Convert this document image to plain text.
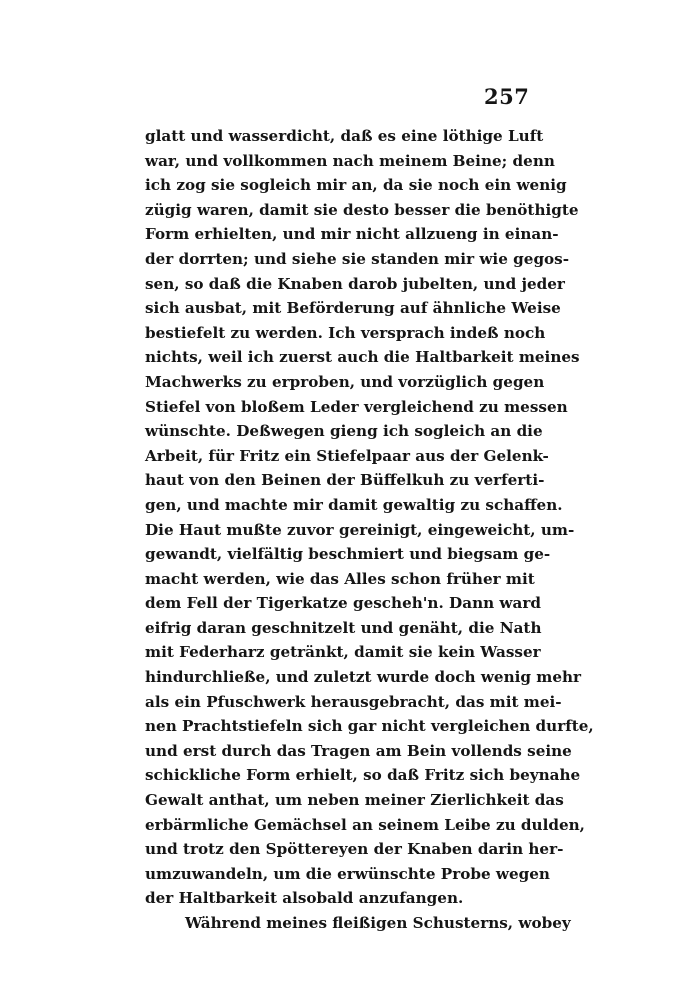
257
glatt und wasserdicht, daß es eine löthige Luft
war, und vollkommen nach meinem Beine; denn
ich zog sie sogleich mir an, da sie noch ein wenig
zügig waren, damit sie desto besser die benöthigte
Form erhielten, und mir nicht allzueng in einan-
der dorrten; und siehe sie standen mir wie gegos-
sen, so daß die Knaben darob jubelten, und jeder
sich ausbat, mit Beförderung auf ähnliche Weise
bestiefelt zu werden. Ich versprach indeß noch
nichts, weil ich zuerst auch die Haltbarkeit meines
Machwerks zu erproben, und vorzüglich gegen
Stiefel von bloßem Leder vergleichend zu messen
wünschte. Deßwegen gieng ich sogleich an die
Arbeit, für Fritz ein Stiefelpaar aus der Gelenk-
haut von den Beinen der Büffelkuh zu verferti-
gen, und machte mir damit gewaltig zu schaffen.
Die Haut mußte zuvor gereinigt, eingeweicht, um-
gewandt, vielfältig beschmiert und biegsam ge-
macht werden, wie das Alles schon früher mit
dem Fell der Tigerkatze gescheh'n. Dann ward
eifrig daran geschnitzelt und genäht, die Nath
mit Federharz getränkt, damit sie kein Wasser
hindurchließe, und zuletzt wurde doch wenig mehr
als ein Pfuschwerk herausgebracht, das mit mei-
nen Prachtstiefeln sich gar nicht vergleichen durfte,
und erst durch das Tragen am Bein vollends seine
schickliche Form erhielt, so daß Fritz sich beynahe
Gewalt anthat, um neben meiner Zierlichkeit das
erbärmliche Gemächsel an seinem Leibe zu dulden,
und trotz den Spöttereyen der Knaben darin her-
umzuwandeln, um die erwünschte Probe wegen
der Haltbarkeit alsobald anzufangen.
Während meines fleißigen Schusterns, wobey
